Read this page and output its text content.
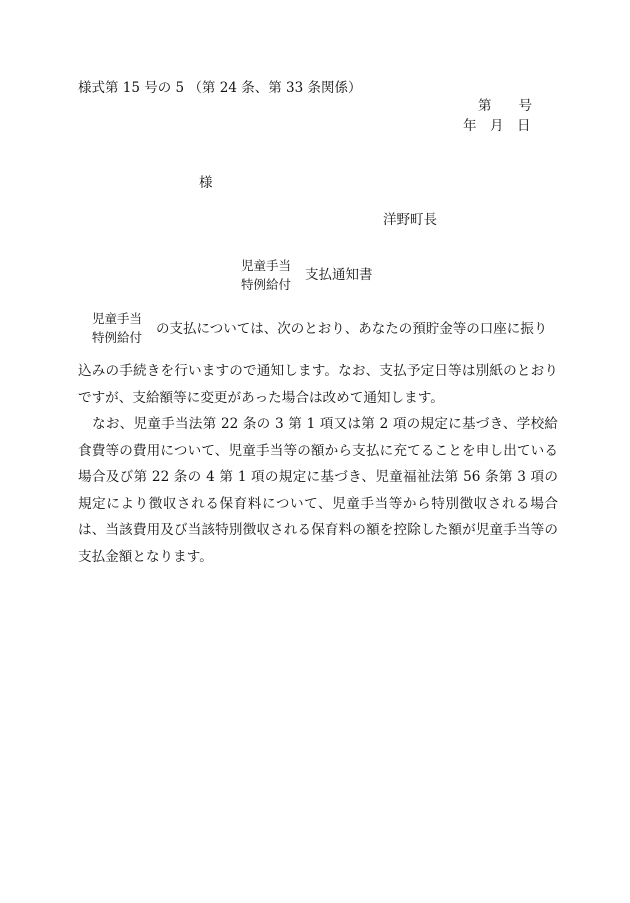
様式第 15 号の 5 （第 24 条、第 33 条関係）
第　　号
年　月　日
様
洋野町長
児童手当
特例給付
支払通知書
児童手当
特例給付
の支払については、次のとおり、あなたの預貯金等の口座に振り

込みの手続きを行いますので通知します。なお、支払予定日等は別紙のとおりですが、支給額等に変更があった場合は改めて通知します。

なお、児童手当法第 22 条の 3 第 1 項又は第 2 項の規定に基づき、学校給食費等の費用について、児童手当等の額から支払に充てることを申し出ている場合及び第 22 条の 4 第 1 項の規定に基づき、児童福祉法第 56 条第 3 項の規定により徴収される保育料について、児童手当等から特別徴収される場合は、当該費用及び当該特別徴収される保育料の額を控除した額が児童手当等の支払金額となります。
